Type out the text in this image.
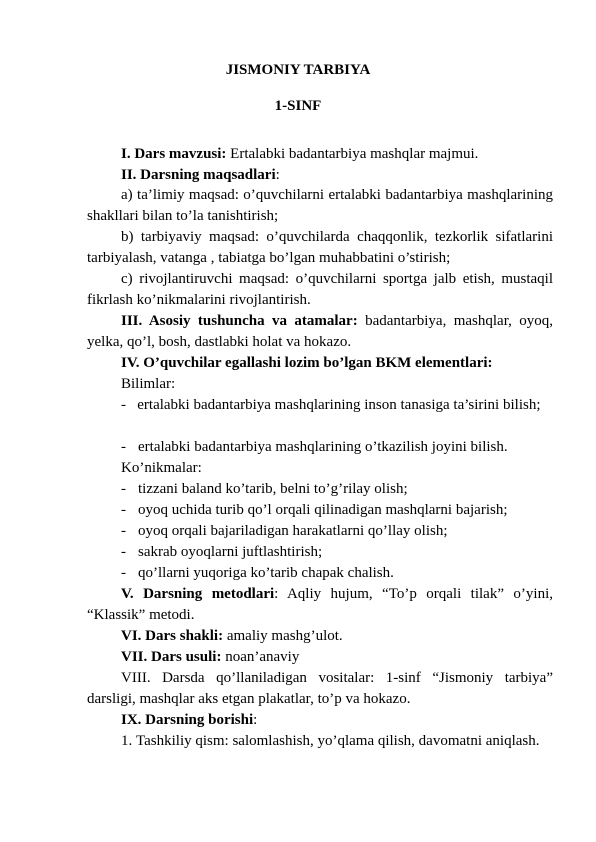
JISMONIY TARBIYA
1-SINF
I. Dars mavzusi: Ertalabki badantarbiya mashqlar majmui.
II. Darsning maqsadlari:
a) ta’limiy maqsad: o’quvchilarni ertalabki badantarbiya mashqlarining shakllari bilan to’la tanishtirish;
b) tarbiyaviy maqsad: o’quvchilarda chaqqonlik, tezkorlik sifatlarini tarbiyalash, vatanga , tabiatga bo’lgan muhabbatini o’stirish;
c) rivojlantiruvchi maqsad: o’quvchilarni sportga jalb etish, mustaqil fikrlash ko’nikmalarini rivojlantirish.
III. Asosiy tushuncha va atamalar: badantarbiya, mashqlar, oyoq, yelka, qo’l, bosh, dastlabki holat va hokazo.
IV. O’quvchilar egallashi lozim bo’lgan BKM elementlari:
Bilimlar:
-   ertalabki badantarbiya mashqlarining inson tanasiga ta’sirini bilish;
- ertalabki badantarbiya mashqlarining o’tkazilish joyini bilish.
Ko’nikmalar:
- tizzani baland ko’tarib, belni to’g’rilay olish;
- oyoq uchida turib qo’l orqali qilinadigan mashqlarni bajarish;
- oyoq orqali bajariladigan harakatlarni qo’llay olish;
- sakrab oyoqlarni juftlashtirish;
- qo’llarni yuqoriga ko’tarib chapak chalish.
V. Darsning metodlari: Aqliy hujum, “To’p orqali tilak” o’yini, “Klassik” metodi.
VI. Dars shakli: amaliy mashg’ulot.
VII. Dars usuli: noan’anaviy
VIII. Darsda qo’llaniladigan vositalar: 1-sinf “Jismoniy tarbiya” darsligi, mashqlar aks etgan plakatlar, to’p va hokazo.
IX. Darsning borishi:
1. Tashkiliy qism: salomlashish, yo’qlama qilish, davomatni aniqlash.
